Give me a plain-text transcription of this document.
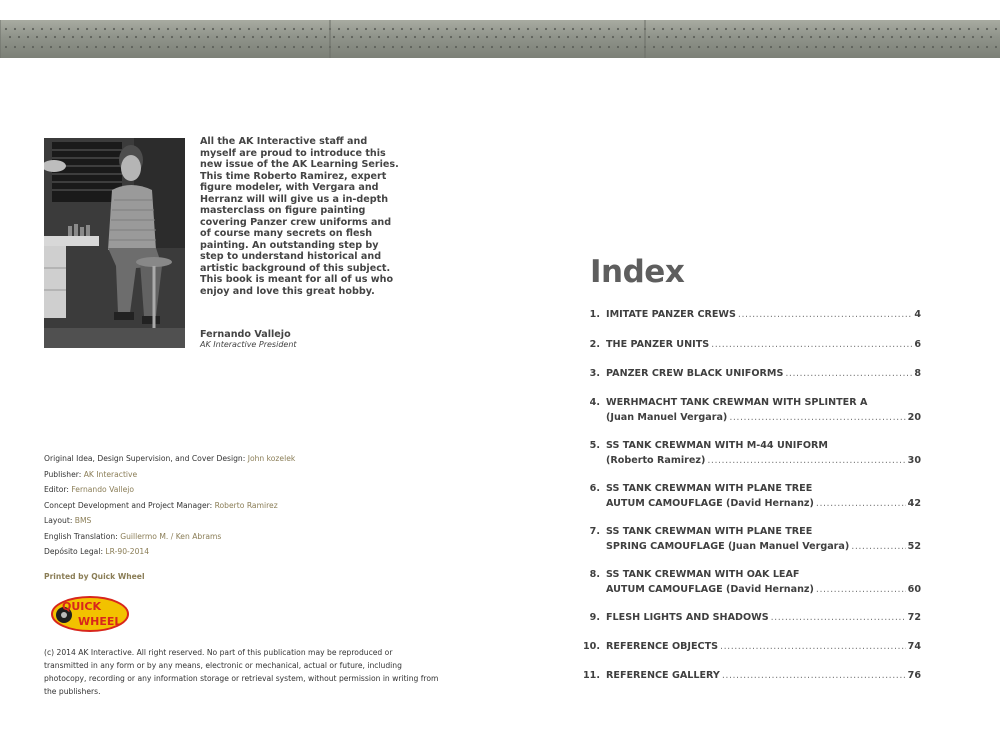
All the AK Interactive staff and myself are proud to introduce this new issue of the AK Learning Series. This time Roberto Ramirez, expert figure modeler, with Vergara and Herranz will will give us a in-depth masterclass on figure painting covering Panzer crew uniforms and of course many secrets on flesh painting. An outstanding step by step to understand historical and artistic background of this subject. This book is meant for all of us who enjoy and love this great hobby.

Fernando Vallejo
AK Interactive President
Original Idea, Design Supervision, and Cover Design: John kozelek
Publisher: AK Interactive
Editor: Fernando Vallejo
Concept Development and Project Manager: Roberto Ramirez
Layout: BMS
English Translation: Guillermo M. / Ken Abrams
Depósito Legal: LR-90-2014
Printed by Quick Wheel
QUICK
WHEEL

(c) 2014 AK Interactive. All right reserved. No part of this publication may be reproduced or transmitted in any form or by any means, electronic or mechanical, actual or future, including photocopy, recording or any information storage or retrieval system, without permission in writing from the publishers.

Index
1. IMITATE PANZER CREWS .....	4
2. THE PANZER UNITS .....	6
3. PANZER CREW BLACK UNIFORMS .....	8
4. WERHMACHT TANK CREWMAN WITH SPLINTER A
(Juan Manuel Vergara) .....	20
5. SS TANK CREWMAN WITH M-44 UNIFORM
(Roberto Ramirez) .....	30
6. SS TANK CREWMAN WITH PLANE TREE
AUTUM CAMOUFLAGE (David Hernanz) .....	42
7. SS TANK CREWMAN WITH PLANE TREE
SPRING CAMOUFLAGE (Juan Manuel Vergara) .....	52
8. SS TANK CREWMAN WITH OAK LEAF
AUTUM CAMOUFLAGE (David Hernanz) .....	60
9. FLESH LIGHTS AND SHADOWS .....	72
10. REFERENCE OBJECTS .....	74
11. REFERENCE GALLERY .....	76
